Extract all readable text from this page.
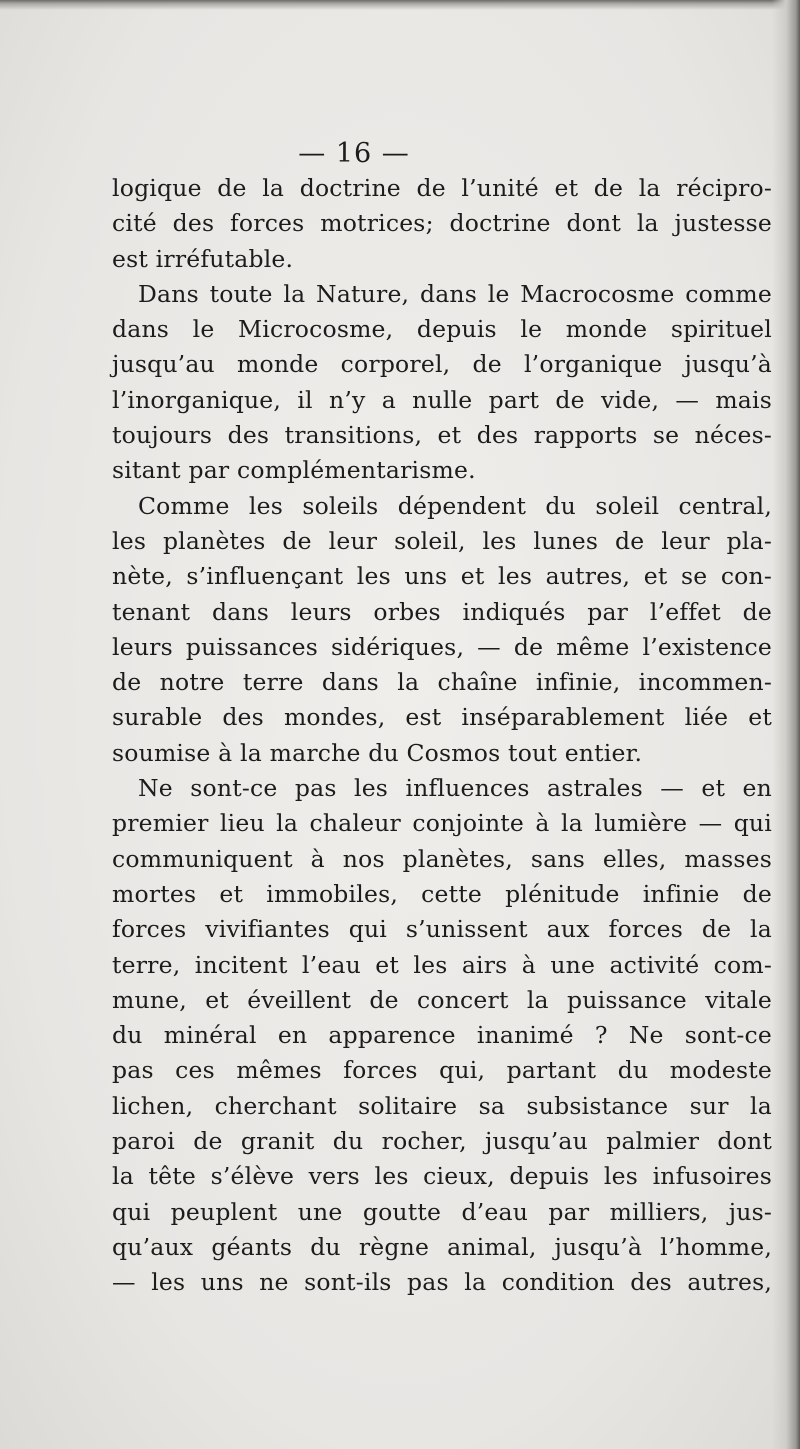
— 16 —
logique de la doctrine de l’unité et de la récipro-
cité des forces motrices; doctrine dont la justesse
est irréfutable.
Dans toute la Nature, dans le Macrocosme comme
dans le Microcosme, depuis le monde spirituel
jusqu’au monde corporel, de l’organique jusqu’à
l’inorganique, il n’y a nulle part de vide, — mais
toujours des transitions, et des rapports se néces-
sitant par complémentarisme.
Comme les soleils dépendent du soleil central,
les planètes de leur soleil, les lunes de leur pla-
nète, s’influençant les uns et les autres, et se con-
tenant dans leurs orbes indiqués par l’effet de
leurs puissances sidériques, — de même l’existence
de notre terre dans la chaîne infinie, incommen-
surable des mondes, est inséparablement liée et
soumise à la marche du Cosmos tout entier.
Ne sont-ce pas les influences astrales — et en
premier lieu la chaleur conjointe à la lumière — qui
communiquent à nos planètes, sans elles, masses
mortes et immobiles, cette plénitude infinie de
forces vivifiantes qui s’unissent aux forces de la
terre, incitent l’eau et les airs à une activité com-
mune, et éveillent de concert la puissance vitale
du minéral en apparence inanimé ? Ne sont-ce
pas ces mêmes forces qui, partant du modeste
lichen, cherchant solitaire sa subsistance sur la
paroi de granit du rocher, jusqu’au palmier dont
la tête s’élève vers les cieux, depuis les infusoires
qui peuplent une goutte d’eau par milliers, jus-
qu’aux géants du règne animal, jusqu’à l’homme,
— les uns ne sont-ils pas la condition des autres,
